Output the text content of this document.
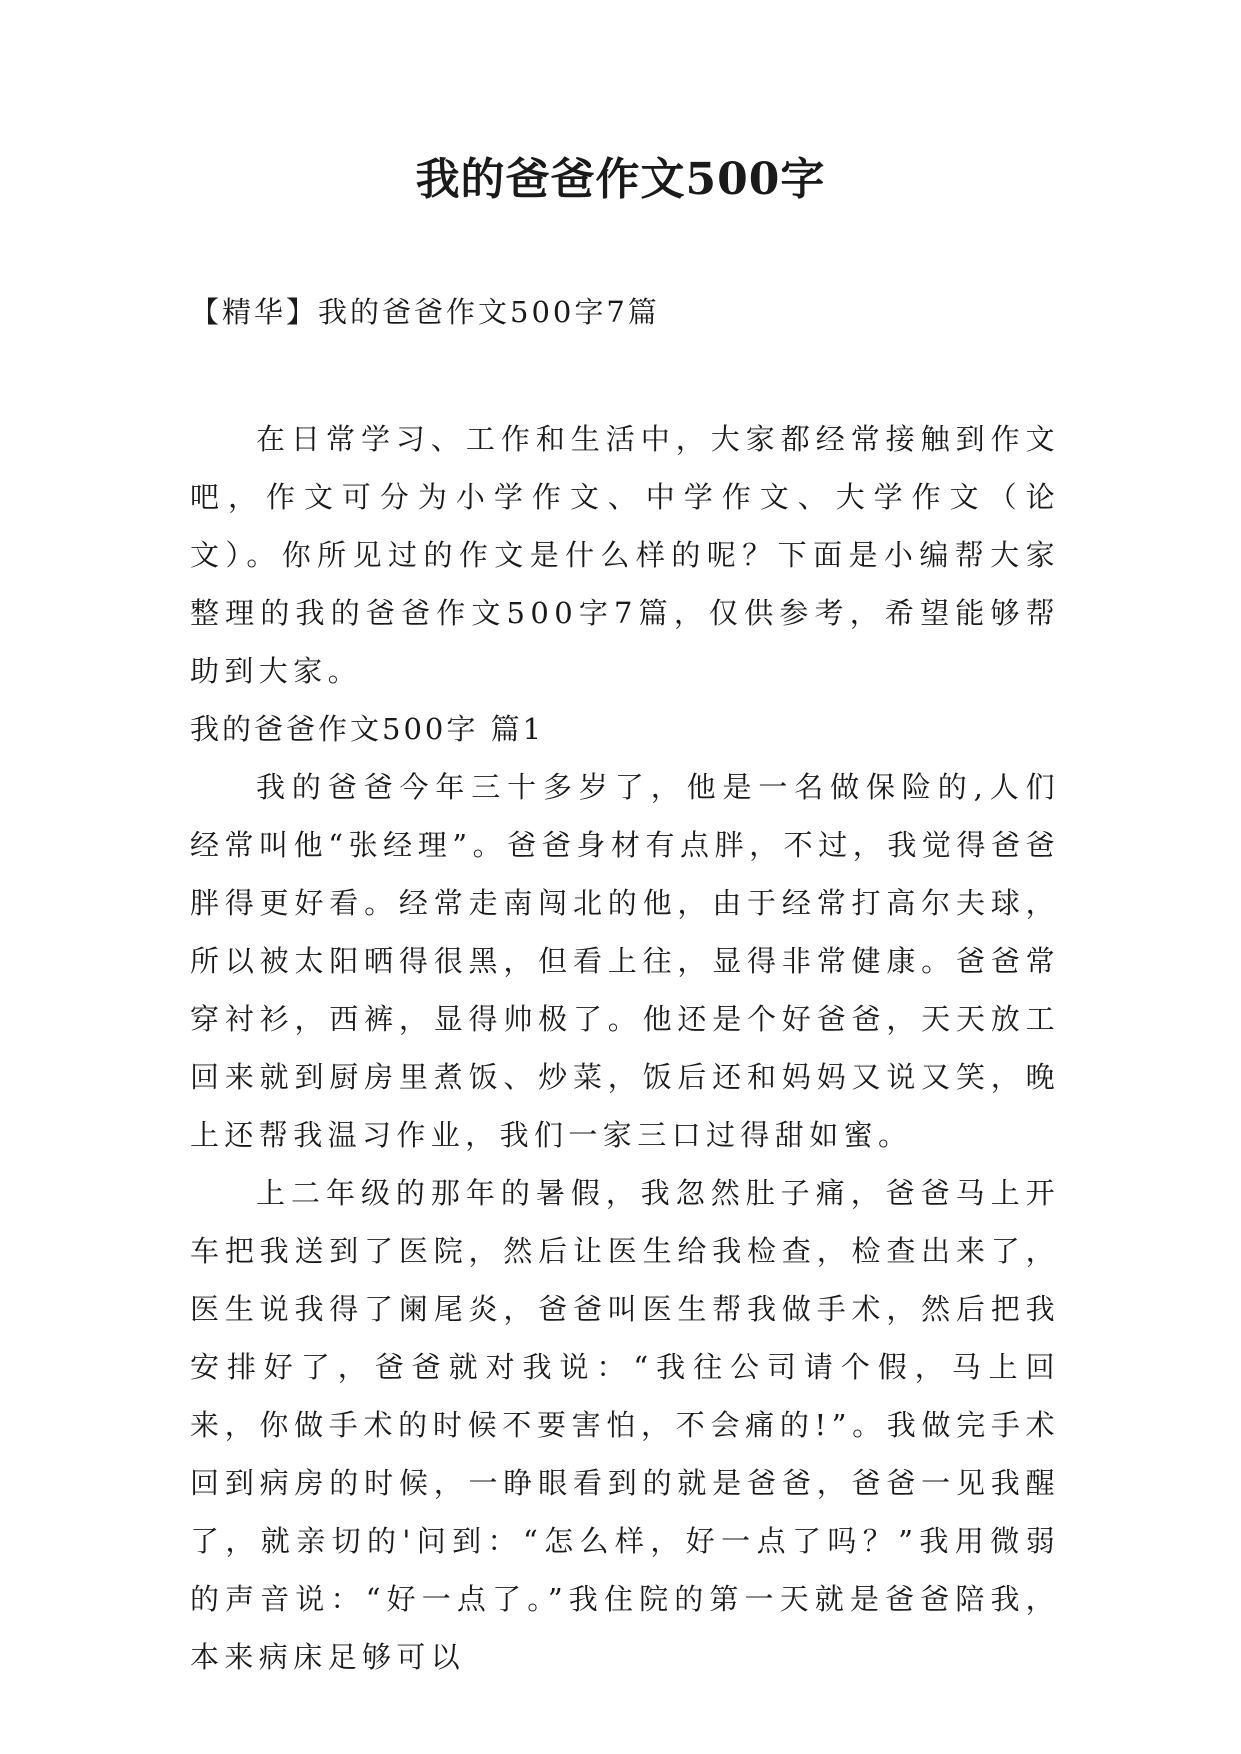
我的爸爸作文500字
【精华】我的爸爸作文500字7篇

在日常学习、工作和生活中，大家都经常接触到作文吧，作文可分为小学作文、中学作文、大学作文（论文）。你所见过的作文是什么样的呢？下面是小编帮大家整理的我的爸爸作文500字7篇，仅供参考，希望能够帮助到大家。

我的爸爸作文500字 篇1

我的爸爸今年三十多岁了，他是一名做保险的,人们经常叫他“张经理”。爸爸身材有点胖，不过，我觉得爸爸胖得更好看。经常走南闯北的他，由于经常打高尔夫球，所以被太阳晒得很黑，但看上往，显得非常健康。爸爸常穿衬衫，西裤，显得帅极了。他还是个好爸爸，天天放工回来就到厨房里煮饭、炒菜，饭后还和妈妈又说又笑，晚上还帮我温习作业，我们一家三口过得甜如蜜。

上二年级的那年的暑假，我忽然肚子痛，爸爸马上开车把我送到了医院，然后让医生给我检查，检查出来了，医生说我得了阑尾炎，爸爸叫医生帮我做手术，然后把我安排好了，爸爸就对我说：“我往公司请个假，马上回来，你做手术的时候不要害怕，不会痛的!”。我做完手术回到病房的时候，一睁眼看到的就是爸爸，爸爸一见我醒了，就亲切的'问到：“怎么样，好一点了吗？”我用微弱的声音说：“好一点了。”我住院的第一天就是爸爸陪我，本来病床足够可以
